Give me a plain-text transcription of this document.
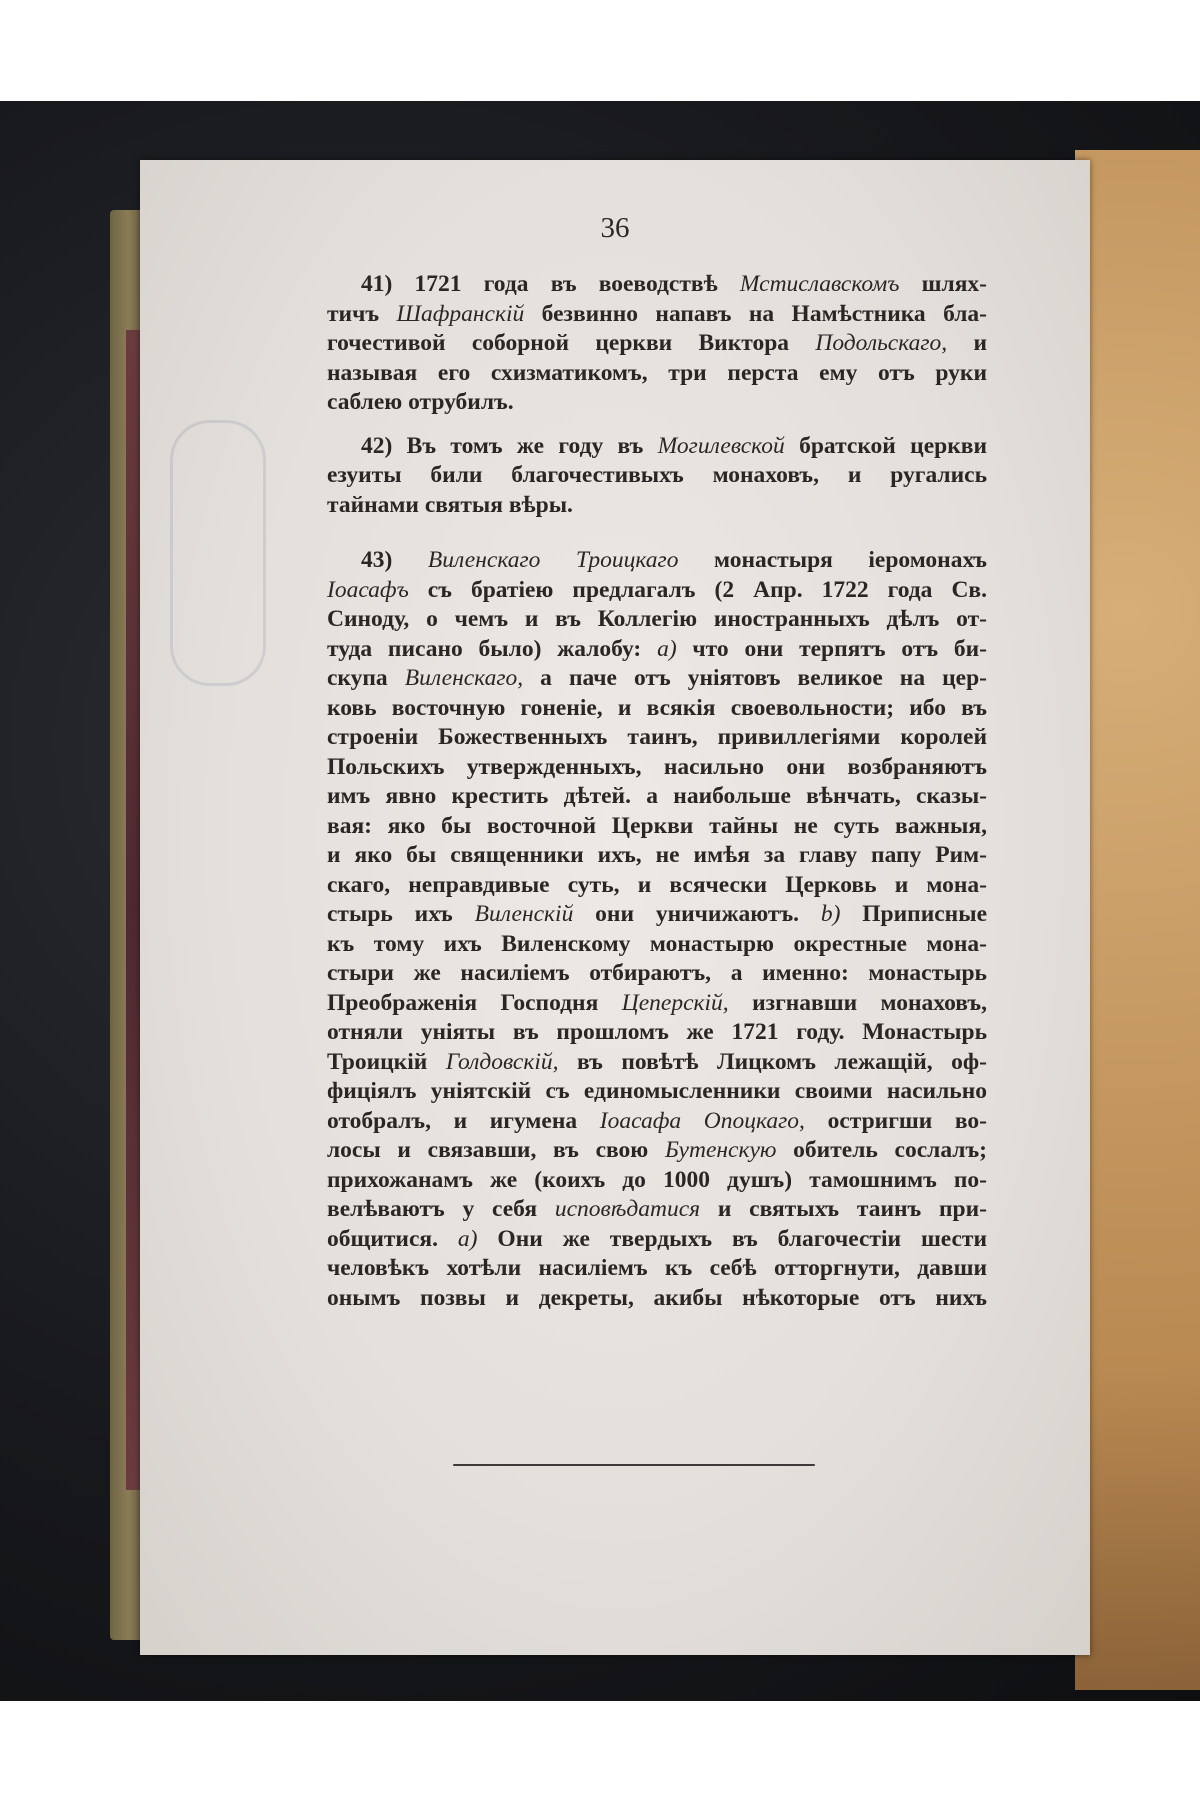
36
41) 1721 года въ воеводствѣ Мстиславскомъ шлях-
тичъ Шафранскій безвинно напавъ на Намѣстника бла-
гочестивой соборной церкви Виктора Подольскаго, и
называя его схизматикомъ, три перста ему отъ руки
саблею отрубилъ.
42) Въ томъ же году въ Могилевской братской церкви
езуиты били благочестивыхъ монаховъ, и ругались
тайнами святыя вѣры.
43) Виленскаго Троицкаго монастыря іеромонахъ
Іоасафъ съ братіею предлагалъ (2 Апр. 1722 года Св.
Синоду, о чемъ и въ Коллегію иностранныхъ дѣлъ от-
туда писано было) жалобу: а) что они терпятъ отъ би-
скупа Виленскаго, а паче отъ уніятовъ великое на цер-
ковь восточную гоненіе, и всякія своевольности; ибо въ
строеніи Божественныхъ таинъ, привиллегіями королей
Польскихъ утвержденныхъ, насильно они возбраняютъ
имъ явно крестить дѣтей. а наибольше вѣнчать, сказы-
вая: яко бы восточной Церкви тайны не суть важныя,
и яко бы священники ихъ, не имѣя за главу папу Рим-
скаго, неправдивые суть, и всячески Церковь и мона-
стырь ихъ Виленскій они уничижаютъ. b) Приписные
къ тому ихъ Виленскому монастырю окрестные мона-
стыри же насиліемъ отбираютъ, а именно: монастырь
Преображенія Господня Цеперскій, изгнавши монаховъ,
отняли уніяты въ прошломъ же 1721 году. Монастырь
Троицкій Голдовскій, въ повѣтѣ Лицкомъ лежащій, оф-
фиціялъ уніятскій съ единомысленники своими насильно
отобралъ, и игумена Іоасафа Опоцкаго, остригши во-
лосы и связавши, въ свою Бутенскую обитель сослалъ;
прихожанамъ же (коихъ до 1000 душъ) тамошнимъ по-
велѣваютъ у себя исповѣдатися и святыхъ таинъ при-
общитися. а) Они же твердыхъ въ благочестіи шести
человѣкъ хотѣли насиліемъ къ себѣ отторгнути, давши
онымъ позвы и декреты, акибы нѣкоторые отъ нихъ
